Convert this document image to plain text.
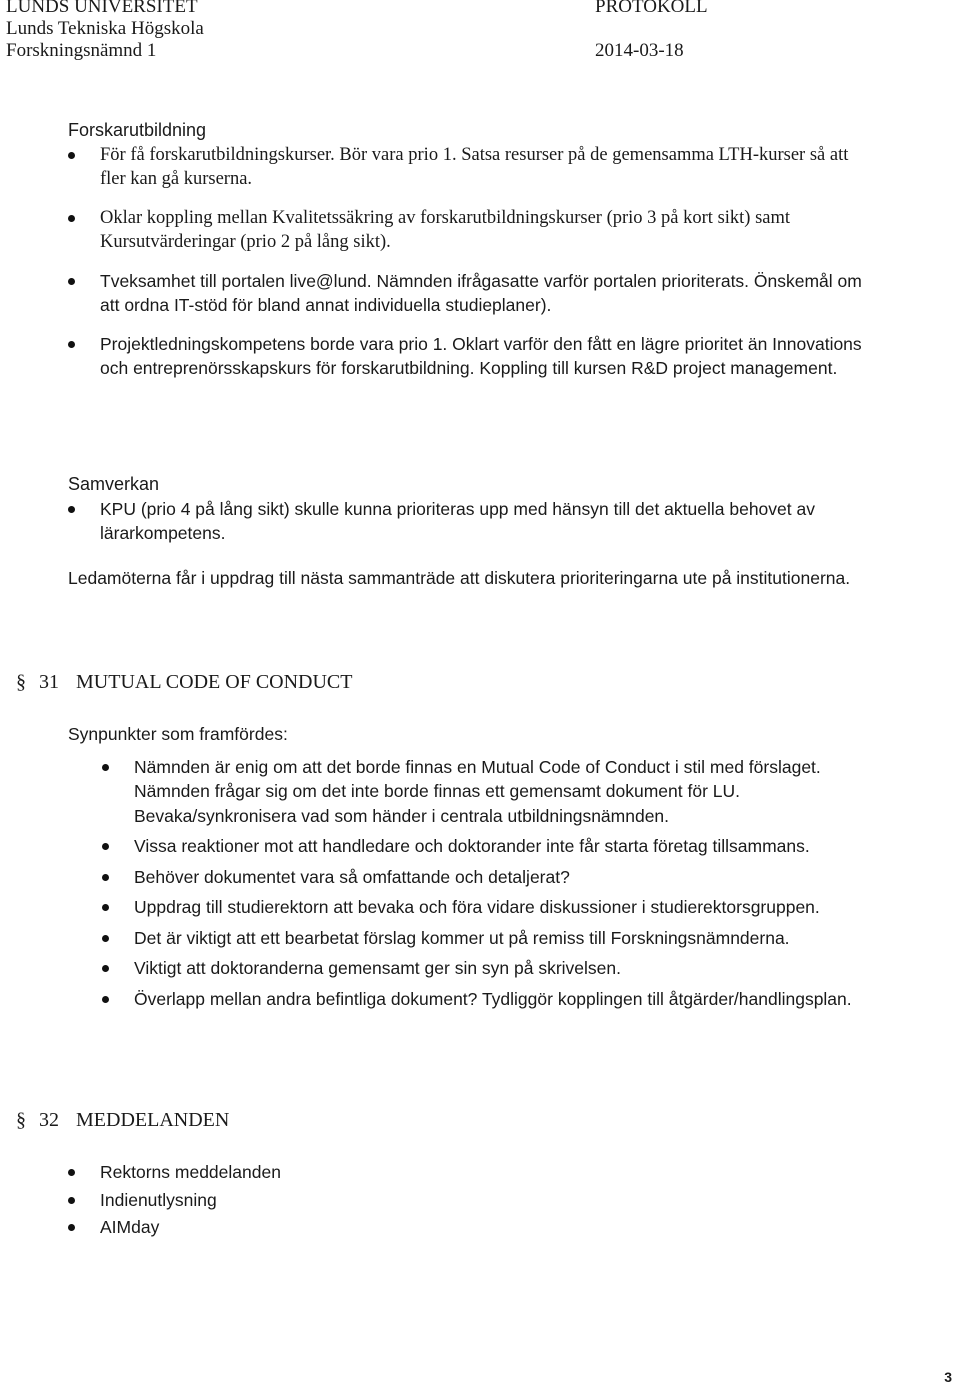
LUNDS UNIVERSITET
Lunds Tekniska Högskola
Forskningsnämnd 1
PROTOKOLL

2014-03-18

Forskarutbildning

För få forskarutbildningskurser. Bör vara prio 1. Satsa resurser på de gemensamma LTH-kurser så att fler kan gå kurserna.
Oklar koppling mellan Kvalitetssäkring av forskarutbildningskurser (prio 3 på kort sikt) samt Kursutvärderingar (prio 2 på lång sikt).
Tveksamhet till portalen live@lund. Nämnden ifrågasatte varför portalen prioriterats. Önskemål om att ordna IT-stöd för bland annat individuella studieplaner).
Projektledningskompetens borde vara prio 1. Oklart varför den fått en lägre prioritet än Innovations och entreprenörsskapskurs för forskarutbildning. Koppling till kursen R&D project management.

Samverkan

KPU (prio 4 på lång sikt) skulle kunna prioriteras upp med hänsyn till det aktuella behovet av lärarkompetens.

Ledamöterna får i uppdrag till nästa sammanträde att diskutera prioriteringarna ute på institutionerna.

§ 31 MUTUAL CODE OF CONDUCT

Synpunkter som framfördes:

Nämnden är enig om att det borde finnas en Mutual Code of Conduct i stil med förslaget. Nämnden frågar sig om det inte borde finnas ett gemensamt dokument för LU. Bevaka/synkronisera vad som händer i centrala utbildningsnämnden.
Vissa reaktioner mot att handledare och doktorander inte får starta företag tillsammans.
Behöver dokumentet vara så omfattande och detaljerat?
Uppdrag till studierektorn att bevaka och föra vidare diskussioner i studierektorsgruppen.
Det är viktigt att ett bearbetat förslag kommer ut på remiss till Forskningsnämnderna.
Viktigt att doktoranderna gemensamt ger sin syn på skrivelsen.
Överlapp mellan andra befintliga dokument? Tydliggör kopplingen till åtgärder/handlingsplan.
§ 32 MEDDELANDEN
Rektorns meddelanden
Indienutlysning
AIMday
3
